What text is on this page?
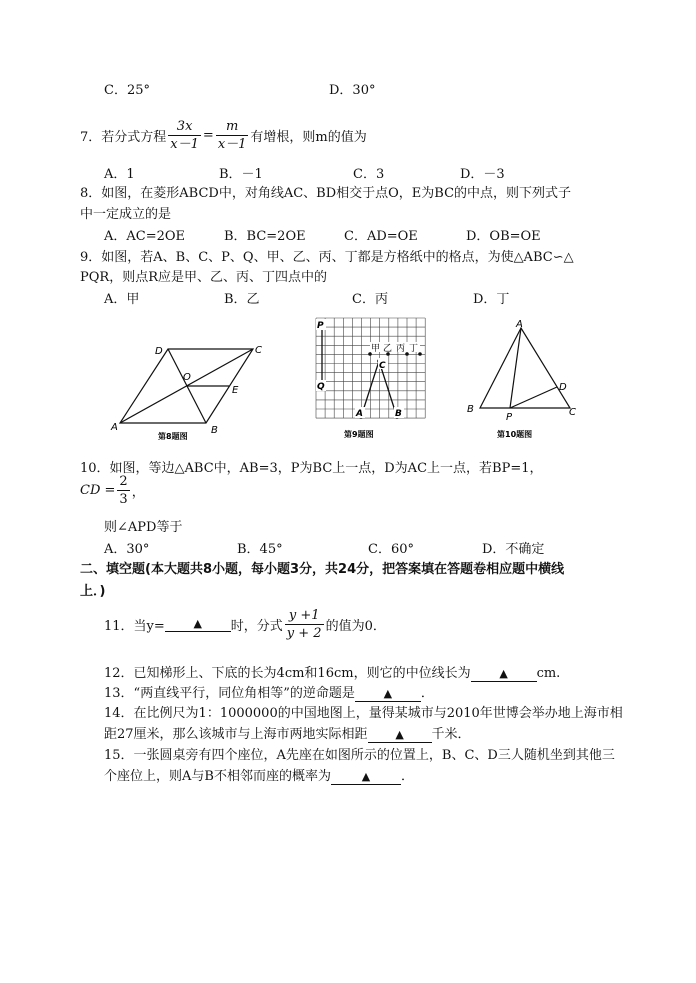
C．25°	D．30°
7． 若分式方程 $\frac{3x}{x-1} = \frac{m}{x-1}$ 有增根，则m的值为
A．1	B．－1	C．3	D．－3
8．如图，在菱形ABCD中，对角线AC、BD相交于点O，E为BC的中点，则下列式子
中一定成立的是
A．AC=2OE	B．BC=2OE	C．AD=OE	D．OB=OE
9．如图，若A、B、C、P、Q、甲、乙、丙、丁都是方格纸中的格点，为使△ABC∽△
PQR，则点R应是甲、乙、丙、丁四点中的
A．甲	B．乙	C．丙	D．丁
D	C
O
E
A	B
第8题图
P
甲 乙 丙 丁
C
Q
A	B
第9题图
A
D
B
P	C
第10题图
10．如图，等边△ABC中，AB=3，P为BC上一点，D为AC上一点，若BP=1，
CD = $\frac{2}{3}$ ，
则∠APD等于
A．30°	B．45°	C．60°	D．不确定
二、填空题(本大题共8小题，每小题3分，共24分，把答案填在答题卷相应题中横线
上．)
11．当y=	▲	时，分式 $\frac{y +1}{y + 2}$ 的值为0．
12．已知梯形上、下底的长为4cm和16cm，则它的中位线长为	▲ cm.
13．“两直线平行，同位角相等”的逆命题是	▲ ．
14．在比例尺为1：1000000的中国地图上，量得某城市与2010年世博会举办地上海市相
距27厘米，那么该城市与上海市两地实际相距	▲ 千米．
15．一张圆桌旁有四个座位，A先座在如图所示的位置上，B、C、D三人随机坐到其他三
个座位上，则A与B不相邻而座的概率为	▲ ．
